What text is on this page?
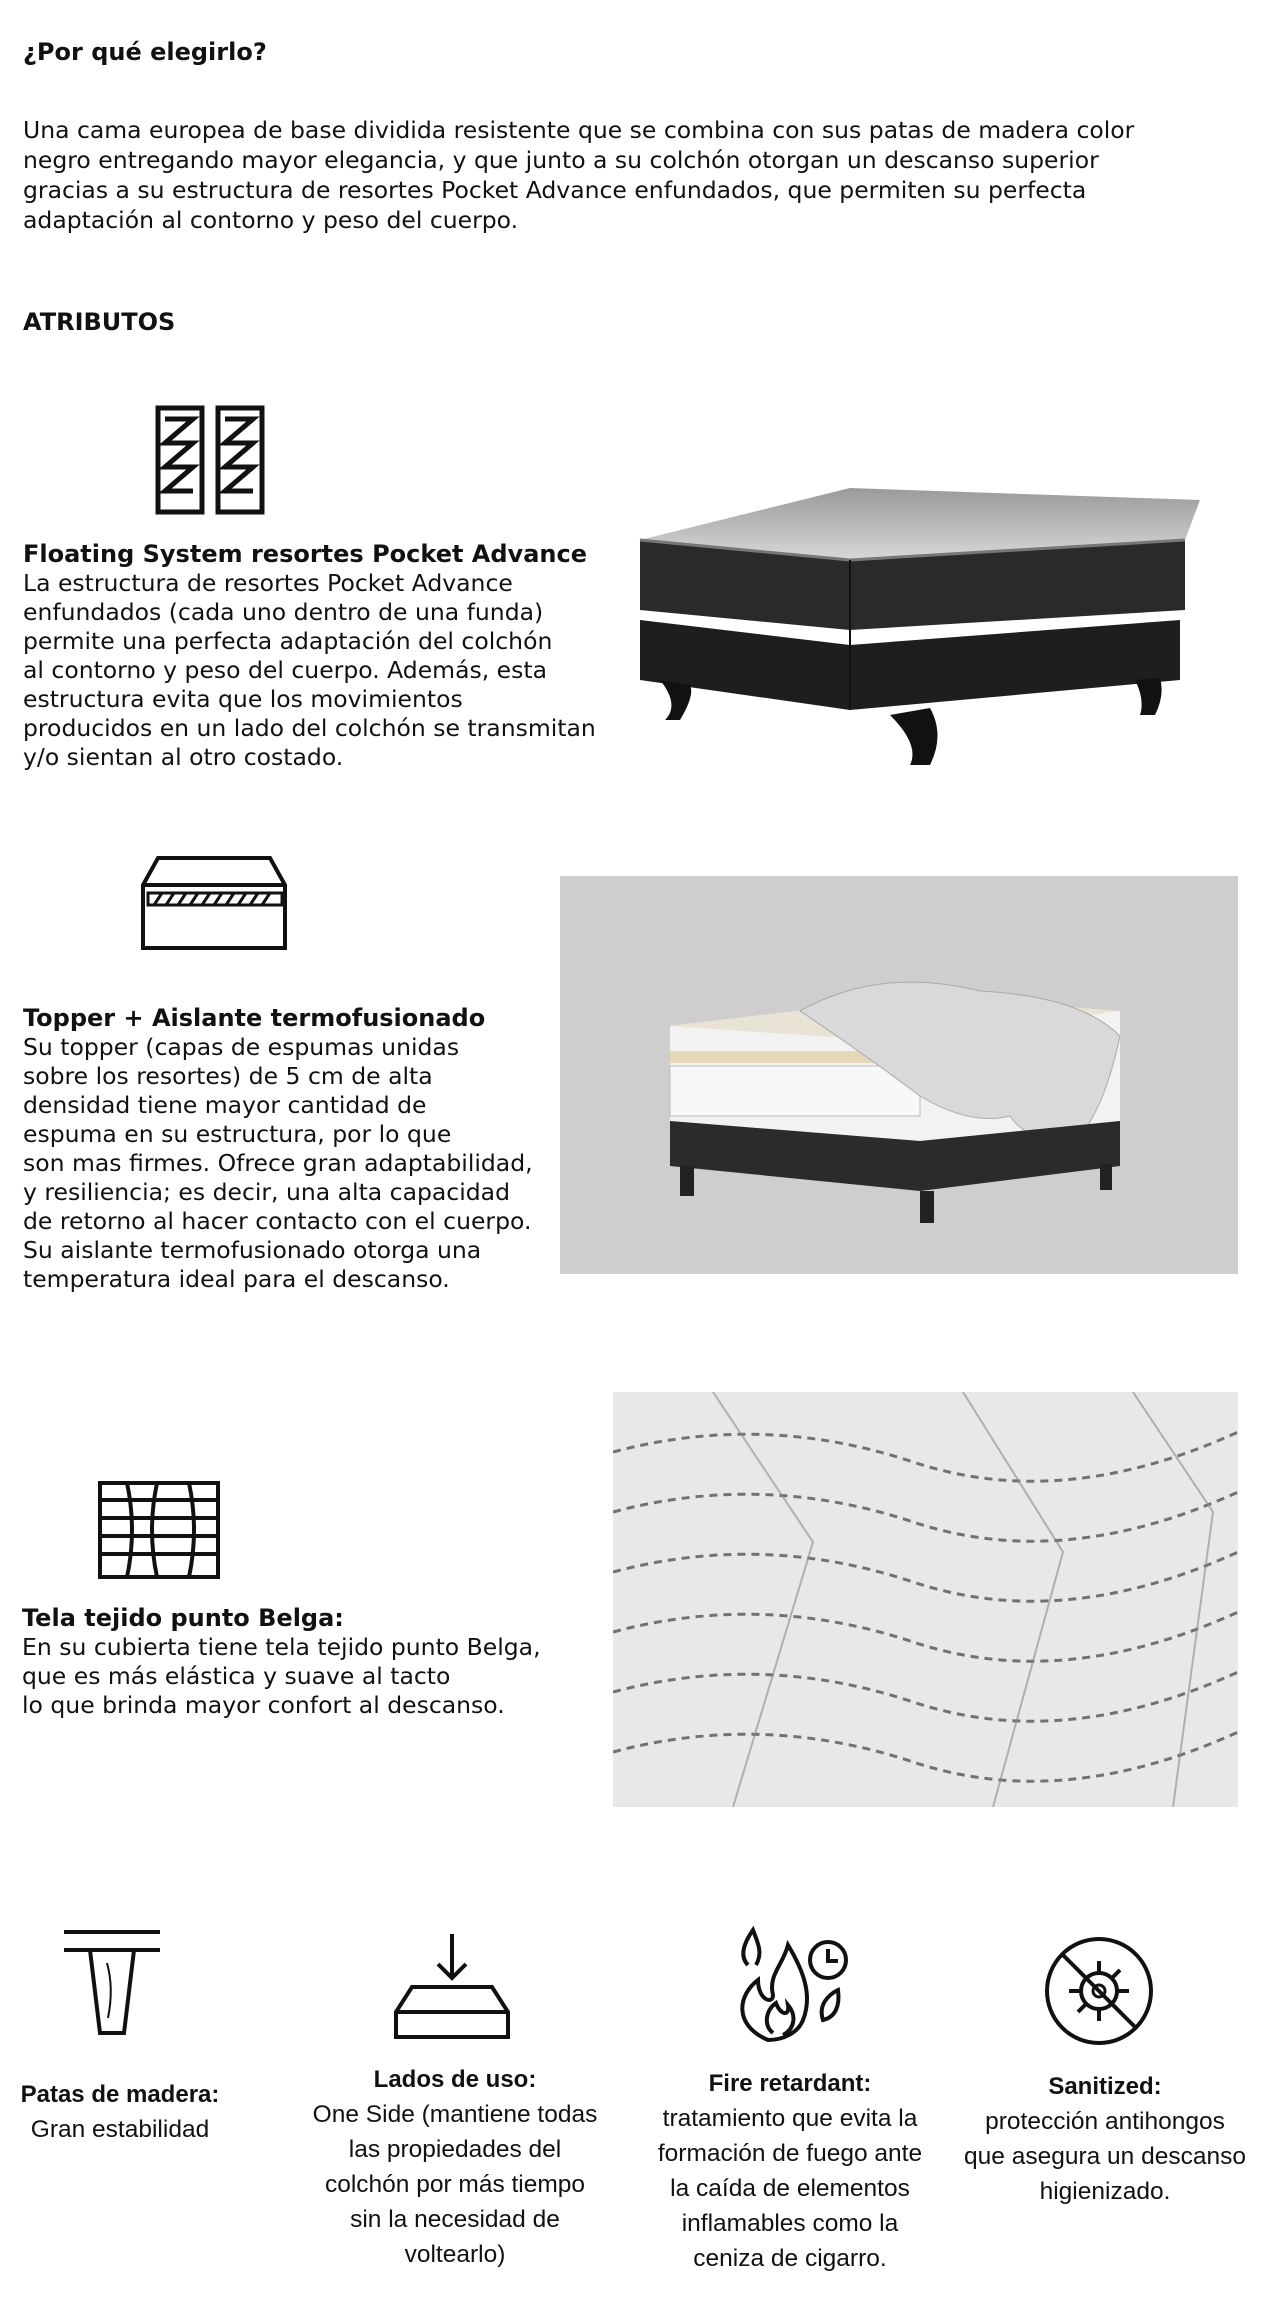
¿Por qué elegirlo?
Una cama europea de base dividida resistente que se combina con sus patas de madera color
negro entregando mayor elegancia, y que junto a su colchón otorgan un descanso superior
gracias a su estructura de resortes Pocket Advance enfundados, que permiten su perfecta
adaptación al contorno y peso del cuerpo.
ATRIBUTOS
Floating System resortes Pocket Advance
La estructura de resortes Pocket Advance
enfundados (cada uno dentro de una funda)
permite una perfecta adaptación del colchón
al contorno y peso del cuerpo. Además, esta
estructura evita que los movimientos
producidos en un lado del colchón se transmitan
y/o sientan al otro costado.
Topper + Aislante termofusionado
Su topper (capas de espumas unidas
sobre los resortes) de 5 cm de alta
densidad tiene mayor cantidad de
espuma en su estructura, por lo que
son mas firmes. Ofrece gran adaptabilidad,
y resiliencia; es decir, una alta capacidad
de retorno al hacer contacto con el cuerpo.
Su aislante termofusionado otorga una
temperatura ideal para el descanso.
Tela tejido punto Belga:
En su cubierta tiene tela tejido punto Belga,
que es más elástica y suave al tacto
lo que brinda mayor confort al descanso.
Patas de madera:
Gran estabilidad
Lados de uso:
One Side (mantiene todas
las propiedades del
colchón por más tiempo
sin la necesidad de
voltearlo)
Fire retardant:
tratamiento que evita la
formación de fuego ante
la caída de elementos
inflamables como la
ceniza de cigarro.
Sanitized:
protección antihongos
que asegura un descanso
higienizado.
